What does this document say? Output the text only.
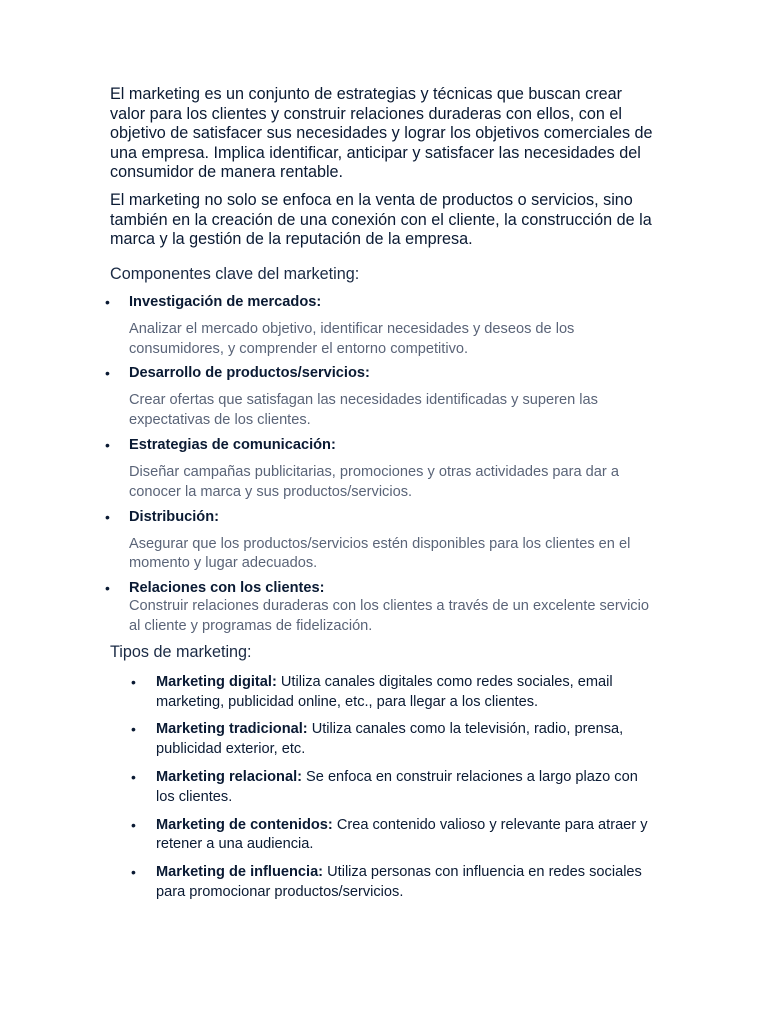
El marketing es un conjunto de estrategias y técnicas que buscan crear valor para los clientes y construir relaciones duraderas con ellos, con el objetivo de satisfacer sus necesidades y lograr los objetivos comerciales de una empresa. Implica identificar, anticipar y satisfacer las necesidades del consumidor de manera rentable.

El marketing no solo se enfoca en la venta de productos o servicios, sino también en la creación de una conexión con el cliente, la construcción de la marca y la gestión de la reputación de la empresa.

Componentes clave del marketing:
• Investigación de mercados:
Analizar el mercado objetivo, identificar necesidades y deseos de los consumidores, y comprender el entorno competitivo.
• Desarrollo de productos/servicios:
Crear ofertas que satisfagan las necesidades identificadas y superen las expectativas de los clientes.
• Estrategias de comunicación:
Diseñar campañas publicitarias, promociones y otras actividades para dar a conocer la marca y sus productos/servicios.
• Distribución:
Asegurar que los productos/servicios estén disponibles para los clientes en el momento y lugar adecuados.
• Relaciones con los clientes:
Construir relaciones duraderas con los clientes a través de un excelente servicio al cliente y programas de fidelización.
Tipos de marketing:
• Marketing digital: Utiliza canales digitales como redes sociales, email marketing, publicidad online, etc., para llegar a los clientes.
• Marketing tradicional: Utiliza canales como la televisión, radio, prensa, publicidad exterior, etc.
• Marketing relacional: Se enfoca en construir relaciones a largo plazo con los clientes.
• Marketing de contenidos: Crea contenido valioso y relevante para atraer y retener a una audiencia.
• Marketing de influencia: Utiliza personas con influencia en redes sociales para promocionar productos/servicios.
